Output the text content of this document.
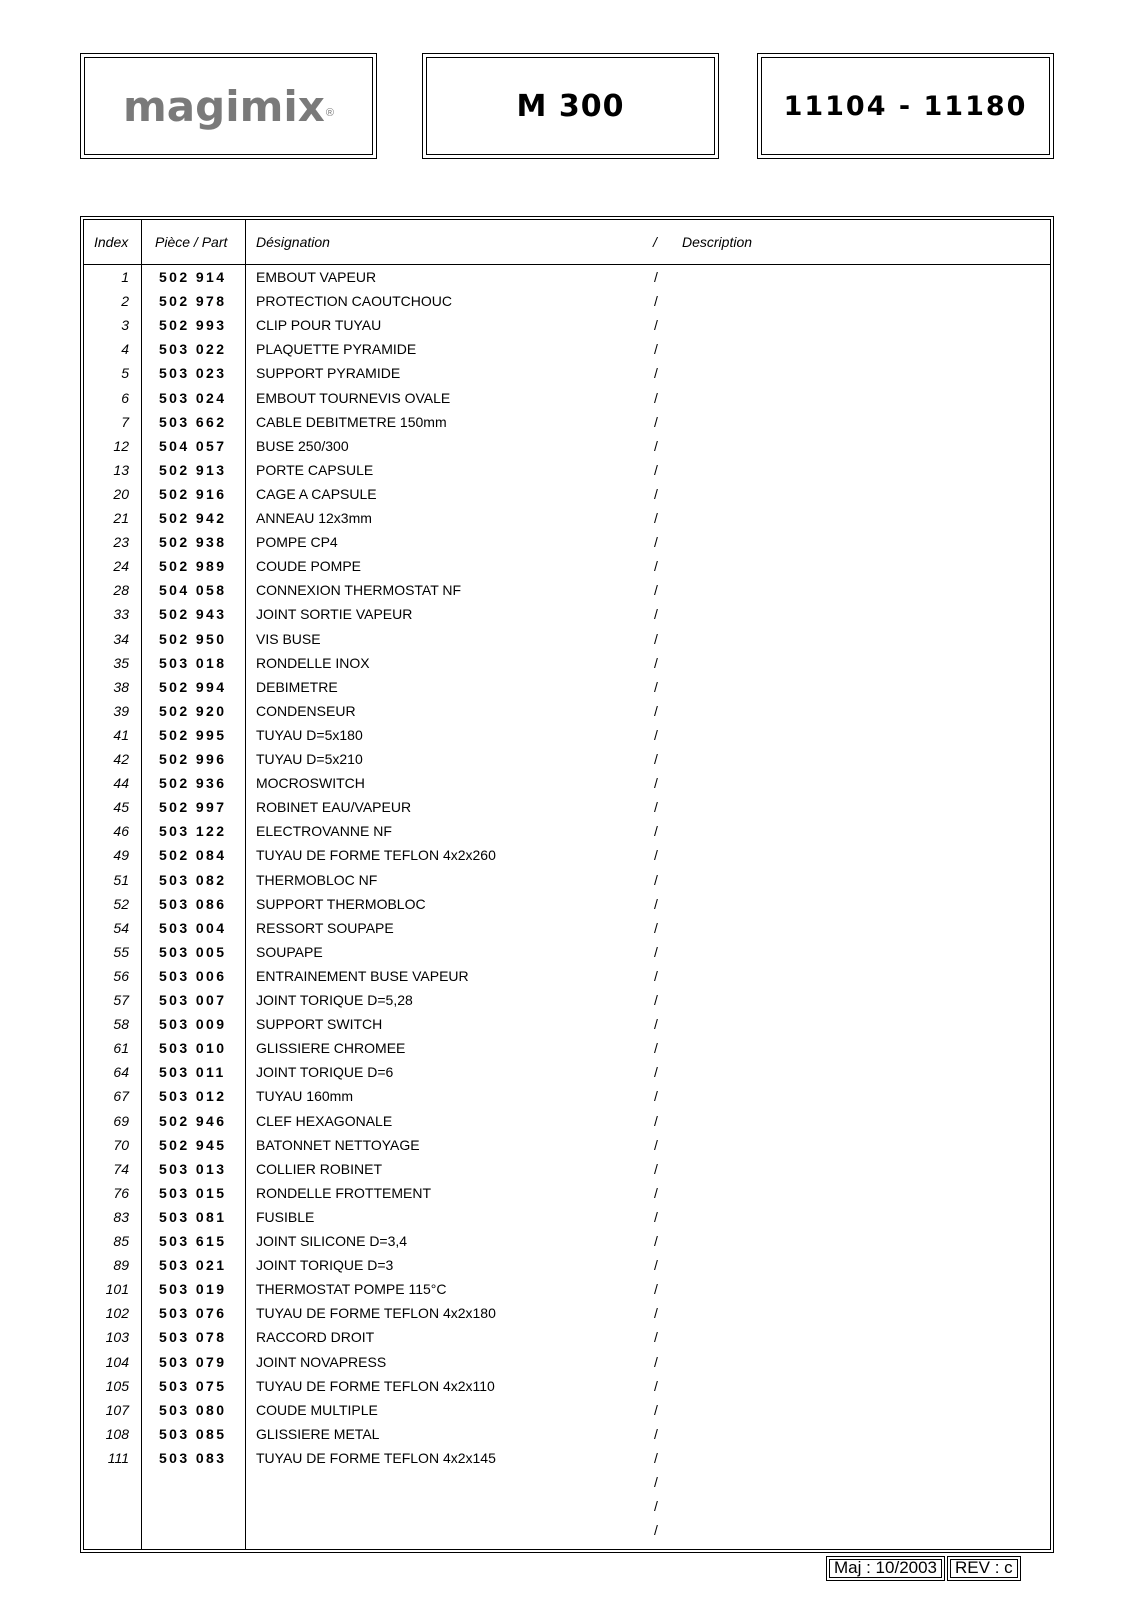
magimix ®	M 300	11104 - 11180
Index Pièce / Part Désignation	/ Description
1 502 914 EMBOUT VAPEUR	/
2 502 978 PROTECTION CAOUTCHOUC	/
3 502 993 CLIP POUR TUYAU	/
4 503 022 PLAQUETTE PYRAMIDE	/
5 503 023 SUPPORT PYRAMIDE	/
6 503 024 EMBOUT TOURNEVIS OVALE	/
7 503 662 CABLE DEBITMETRE 150mm	/
12 504 057 BUSE 250/300	/
13 502 913 PORTE CAPSULE	/
20 502 916 CAGE A CAPSULE	/
21 502 942 ANNEAU 12x3mm	/
23 502 938 POMPE CP4	/
24 502 989 COUDE POMPE	/
28 504 058 CONNEXION THERMOSTAT NF	/
33 502 943 JOINT SORTIE VAPEUR	/
34 502 950 VIS BUSE	/
35 503 018 RONDELLE INOX	/
38 502 994 DEBIMETRE	/
39 502 920 CONDENSEUR	/
41 502 995 TUYAU D=5x180	/
42 502 996 TUYAU D=5x210	/
44 502 936 MOCROSWITCH	/
45 502 997 ROBINET EAU/VAPEUR	/
46 503 122 ELECTROVANNE NF	/
49 502 084 TUYAU DE FORME TEFLON 4x2x260	/
51 503 082 THERMOBLOC NF	/
52 503 086 SUPPORT THERMOBLOC	/
54 503 004 RESSORT SOUPAPE	/
55 503 005 SOUPAPE	/
56 503 006 ENTRAINEMENT BUSE VAPEUR	/
57 503 007 JOINT TORIQUE D=5,28	/
58 503 009 SUPPORT SWITCH	/
61 503 010 GLISSIERE CHROMEE	/
64 503 011 JOINT TORIQUE D=6	/
67 503 012 TUYAU 160mm	/
69 502 946 CLEF HEXAGONALE	/
70 502 945 BATONNET NETTOYAGE	/
74 503 013 COLLIER ROBINET	/
76 503 015 RONDELLE FROTTEMENT	/
83 503 081 FUSIBLE	/
85 503 615 JOINT SILICONE D=3,4	/
89 503 021 JOINT TORIQUE D=3	/
101 503 019 THERMOSTAT POMPE 115°C	/
102 503 076 TUYAU DE FORME TEFLON 4x2x180	/
103 503 078 RACCORD DROIT	/
104 503 079 JOINT NOVAPRESS	/
105 503 075 TUYAU DE FORME TEFLON 4x2x110	/
107 503 080 COUDE MULTIPLE	/
108 503 085 GLISSIERE METAL	/
111 503 083 TUYAU DE FORME TEFLON 4x2x145	/
/
/
/
Maj : 10/2003	REV : c
